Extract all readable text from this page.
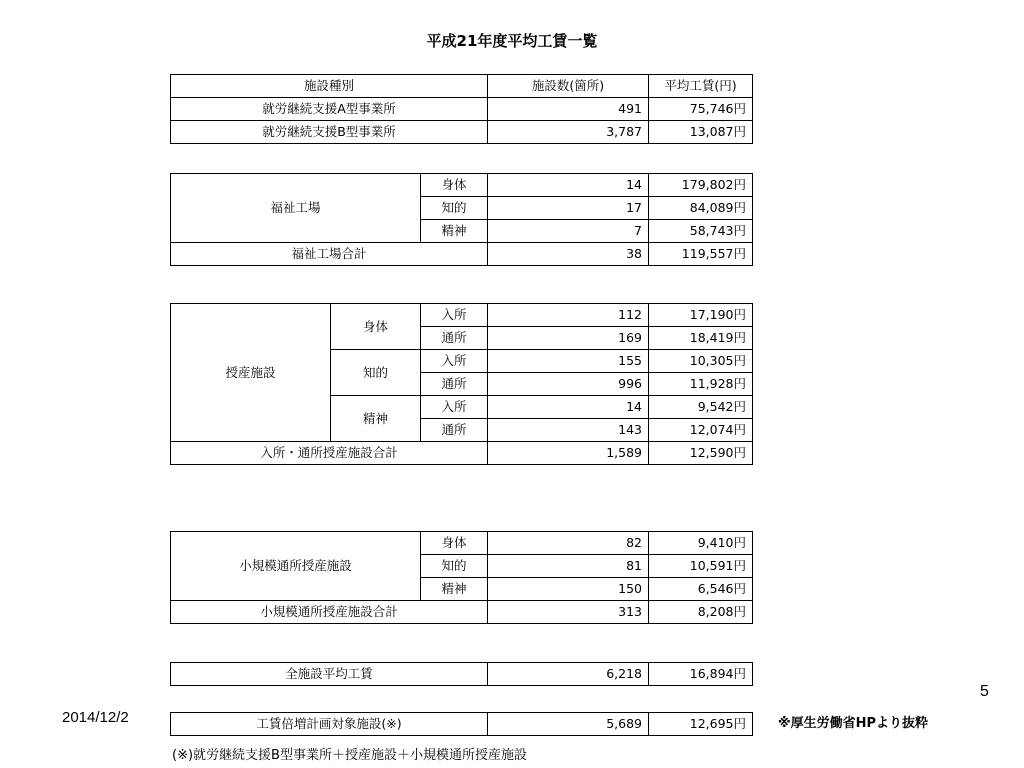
平成21年度平均工賃一覧
施設種別	施設数(箇所)	平均工賃(円)
就労継続支援A型事業所	491	75,746円
就労継続支援B型事業所	3,787	13,087円
福祉工場	身体	14	179,802円
	知的	17	84,089円
	精神	7	58,743円
福祉工場合計		38	119,557円
授産施設	身体	入所	112	17,190円
		通所	169	18,419円
	知的	入所	155	10,305円
		通所	996	11,928円
	精神	入所	14	9,542円
		通所	143	12,074円
入所・通所授産施設合計			1,589	12,590円
小規模通所授産施設	身体	82	9,410円
	知的	81	10,591円
	精神	150	6,546円
小規模通所授産施設合計		313	8,208円
全施設平均工賃	6,218	16,894円
工賃倍増計画対象施設(※)	5,689	12,695円
2014/12/2
5
※厚生労働省HPより抜粋
(※)就労継続支援B型事業所＋授産施設＋小規模通所授産施設
